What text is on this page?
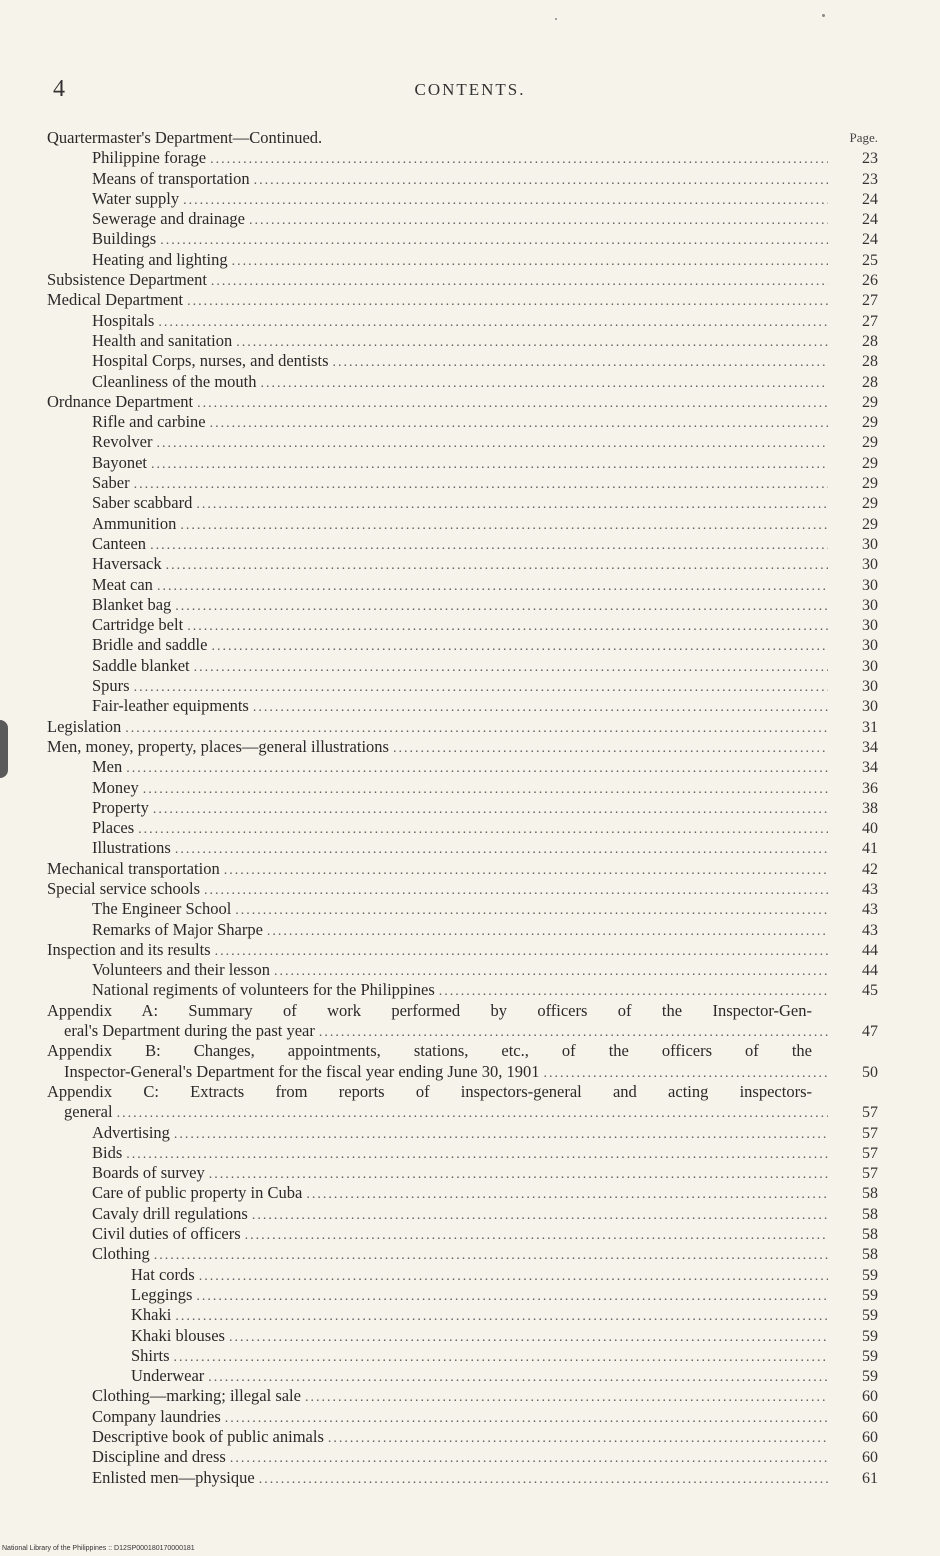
4	CONTENTS.
Quartermaster's Department—Continued.	Page.
Philippine forage .....	23
Means of transportation .....	23
Water supply .....	24
Sewerage and drainage .....	24
Buildings .....	24
Heating and lighting .....	25
Subsistence Department .....	26
Medical Department .....	27
Hospitals .....	27
Health and sanitation .....	28
Hospital Corps, nurses, and dentists .....	28
Cleanliness of the mouth .....	28
Ordnance Department .....	29
Rifle and carbine .....	29
Revolver .....	29
Bayonet .....	29
Saber .....	29
Saber scabbard .....	29
Ammunition .....	29
Canteen .....	30
Haversack .....	30
Meat can .....	30
Blanket bag .....	30
Cartridge belt .....	30
Bridle and saddle .....	30
Saddle blanket .....	30
Spurs .....	30
Fair-leather equipments .....	30
Legislation .....	31
Men, money, property, places—general illustrations .....	34
Men .....	34
Money .....	36
Property .....	38
Places .....	40
Illustrations .....	41
Mechanical transportation .....	42
Special service schools .....	43
The Engineer School .....	43
Remarks of Major Sharpe .....	43
Inspection and its results .....	44
Volunteers and their lesson .....	44
National regiments of volunteers for the Philippines .....	45
Appendix A: Summary of work performed by officers of the Inspector-Gen-
eral's Department during the past year .....	47
Appendix B: Changes, appointments, stations, etc., of the officers of the
Inspector-General's Department for the fiscal year ending June 30, 1901 .....	50
Appendix C: Extracts from reports of inspectors-general and acting inspectors-
general .....	57
Advertising .....	57
Bids .....	57
Boards of survey .....	57
Care of public property in Cuba .....	58
Cavaly drill regulations .....	58
Civil duties of officers .....	58
Clothing .....	58
Hat cords .....	59
Leggings .....	59
Khaki .....	59
Khaki blouses .....	59
Shirts .....	59
Underwear .....	59
Clothing—marking; illegal sale .....	60
Company laundries .....	60
Descriptive book of public animals .....	60
Discipline and dress .....	60
Enlisted men—physique .....	61
National Library of the Philippines :: D12SP000180170000181
